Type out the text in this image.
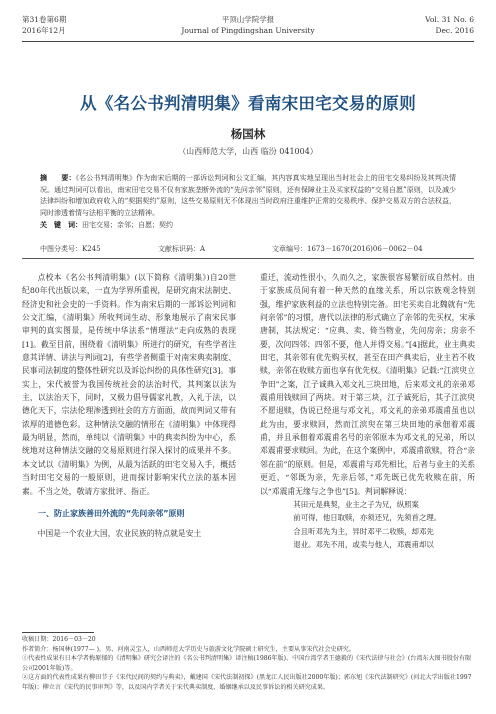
第31卷第6期
2016年12月
平顶山学院学报
Journal of Pingdingshan University
Vol. 31 No. 6
Dec. 2016
从《名公书判清明集》看南宋田宅交易的原则
杨国林
（山西师范大学，山西 临汾 041004）
摘　　要：《名公书判清明集》作为南宋后期的一部诉讼判词和公文汇编，其内容真实地呈现出当时社会上的田宅交易纠纷及其判决情况。通过判词可以看出，南宋田宅交易不仅有家族垄断外流的“先问亲邻”原则，还有保障业主及买家权益的“交易自愿”原则，以及减少法律纠纷和增加政府收入的“契据契约”原则，这些交易原则无不体现出当时政府注重维护正常的交易秩序、保护交易双方的合法权益，同时渗透着情与法相平衡的立法精神。
关　键　词：田宅交易；亲邻；自愿；契约
中图分类号：K245	文献标识码：A	文章编号：1673－1670(2016)06－0062－04

点校本《名公书判清明集》(以下简称《清明集》)自20世纪80年代出版以来，一直为学界所重视，是研究南宋法制史、经济史和社会史的一手资料。作为南宋后期的一部诉讼判词和公文汇编，《清明集》所收判词生动、形象地展示了南宋民事审判的真实图景，是传统中华法系“情理法”走向成熟的表现[1]。截至目前，围绕着《清明集》所进行的研究，有些学者注意其详情、讲法与判词[2]，有些学者侧重于对南宋典卖制度、民事司法制度的整体性研究以及诉讼纠纷的具体性研究[3]。事实上，宋代被誉为我国传统社会的法治时代，其判案以法为主，以法治天下，同时，又极力倡导儒家礼教，入礼于法，以德化天下，宗法伦理渗透到社会的方方面面，故而判词又带有浓厚的道德色彩。这种情法交融的情形在《清明集》中体现得最为明显，然而，单纯以《清明集》中的典卖纠纷为中心，系统地对这种情法交融的交易原则进行深入探讨的成果并不多。本文试以《清明集》为例，从最为活跃的田宅交易入手，概括当时田宅交易的一般原则，进而探讨影响宋代立法的基本因素。不当之处，敬请方家批评、指正。

一、防止家族善田外流的“先问亲邻”原则

中国是一个农业大国，农业民族的特点就是安土

重迁，流动性很小，久而久之，家族很容易繁衍成自然村。由于家族成员间有着一种天然的血缘关系，所以宗族观念特别强，维护家族利益的立法也特别完备。田宅买卖自北魏就有“先问亲邻”的习惯，唐代以法律的形式确立了亲邻的先买权，宋承唐制，其法规定：“应典、卖、倚当物业，先问房亲；房亲不要，次问四邻；四邻不要，他人并得交易。”[4]据此，业主典卖田宅，其亲邻有优先购买权，甚至在田产典卖后，业主若不收赎，亲邻在收赎方面也享有优先权。《清明集》记载:“江滨臾立争田”之案，江子诚典入邓文礼三块田地，后来邓文礼的亲弟邓震甫用钱赎回了两块。对于第三块，江子诚死后，其子江滨臾不愿退赎，伪说已经退与邓文礼，邓文礼的亲弟邓震甫虽也以此为由，要求赎回，然而江滨臾在第三块田地的承佃着邓震甫，并且承佃着邓震甫名号的亲邻原本为邓文礼的兄弟，所以邓震甫要求赎回。为此，在这个案例中，邓震甫欲赎，符合“亲邻在前”的原则。但是，邓震甫与邓先相比，后者与业主的关系更近，“邻既为亲，先亲后邻，”邓先既已优先收赎在前，所以“邓震甫无缘与之争也”[5]。判词解释说：

其田元是典契，业主之子为兄，纵照案

前可得，他日取赎，亦须还兄，先须首之理。

合且听邓先为主，异时邓平二收赎，却邓先

退业。邓先不用，或卖与他人，邓震甫却以

收稿日期：2016－03－20

作者简介：杨国林(1977— )，男，河南灵宝人，山西师范大学历史与旅游文化学院硕士研究生，主要从事宋代社会史研究。

①代表性成果有日本学者梅原郁的《清明集》研究会译注的《名公书判清明集》译注稿(1986年版)、中国台湾学者王德毅的《宋代法律与社会》(台湾东大图书股份有限公司2001年版)等。

②这方面的代表性成果有柳田节子《宋代民间的契约与典卖》，戴建国《宋代法制初探》(黑龙江人民出版社2000年版)；郭东旭《宋代法制研究》(河北大学出版社1997年版)；柳立言《宋代的民事审判》等，以及国内学者关于宋代典卖制度、婚姻继承以及民事诉讼的相关研究成果。
